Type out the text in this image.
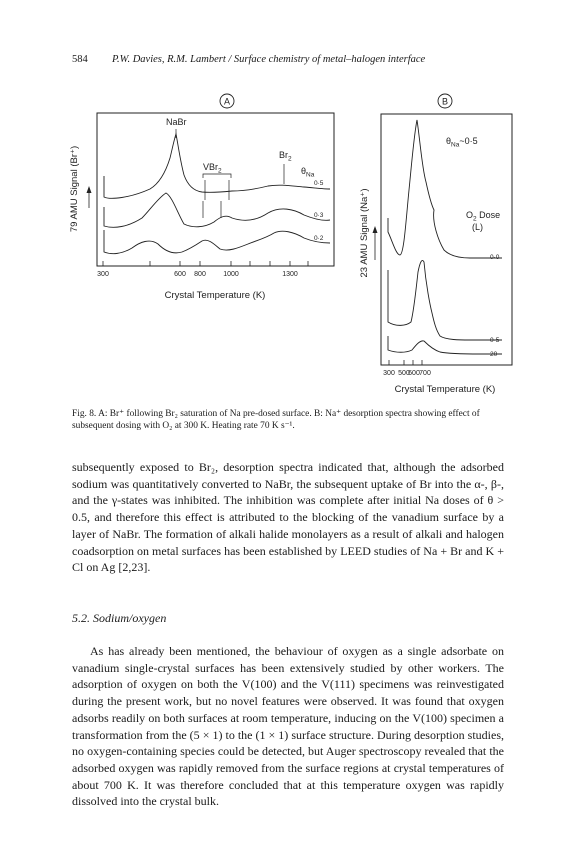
584 P.W. Davies, R.M. Lambert / Surface chemistry of metal–halogen interface
A
79 AMU Signal (Br⁺)
300	600 800 1000	1300
Crystal Temperature (K)
NaBr
VBr$_2$
$Br_2$
$\theta_{Na}$
0·5
0·3
0·2
B
23 AMU Signal (Na⁺)
300 500
600 700
Crystal Temperature (K)
$\theta_{Na}\sim 0\cdot 5$
$O_2$ Dose
(L)
0·0
0·5
20
Fig. 8. A: Br⁺ following Br₂ saturation of Na pre-dosed surface. B: Na⁺ desorption spectra showing effect of subsequent dosing with O₂ at 300 K. Heating rate 70 K s⁻¹.

subsequently exposed to Br₂, desorption spectra indicated that, although the adsorbed sodium was quantitatively converted to NaBr, the subsequent uptake of Br into the α-, β-, and the γ-states was inhibited. The inhibition was complete after initial Na doses of θ > 0.5, and therefore this effect is attributed to the blocking of the vanadium surface by a layer of NaBr. The formation of alkali halide monolayers as a result of alkali and halogen coadsorption on metal surfaces has been established by LEED studies of Na + Br and K + Cl on Ag [2,23].

5.2. Sodium/oxygen

As has already been mentioned, the behaviour of oxygen as a single adsorbate on vanadium single-crystal surfaces has been extensively studied by other workers. The adsorption of oxygen on both the V(100) and the V(111) specimens was reinvestigated during the present work, but no novel features were observed. It was found that oxygen adsorbs readily on both surfaces at room temperature, inducing on the V(100) specimen a transformation from the (5 × 1) to the (1 × 1) surface structure. During desorption studies, no oxygen-containing species could be detected, but Auger spectroscopy revealed that the adsorbed oxygen was rapidly removed from the surface regions at crystal temperatures of about 700 K. It was therefore concluded that at this temperature oxygen was rapidly dissolved into the crystal bulk.
